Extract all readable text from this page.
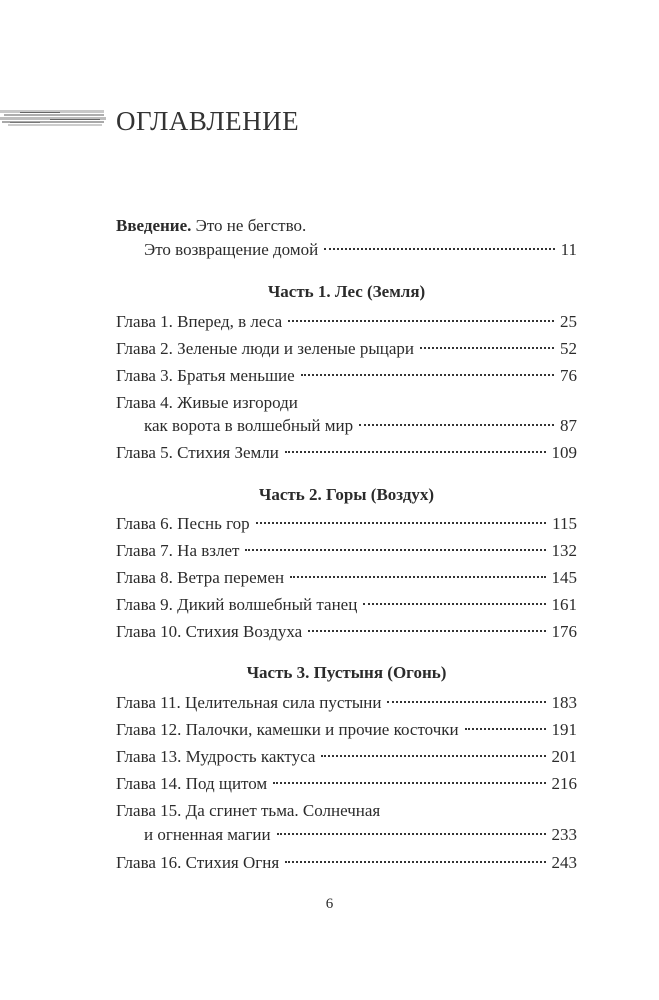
ОГЛАВЛЕНИЕ
Введение.
Это не бегство.
Это возвращение домой	11
Часть 1. Лес (Земля)
Глава 1. Вперед, в леса	25
Глава 2. Зеленые люди и зеленые рыцари	52
Глава 3. Братья меньшие	76
Глава 4. Живые изгороди
как ворота в волшебный мир	87
Глава 5. Стихия Земли	109
Часть 2. Горы (Воздух)
Глава 6. Песнь гор	115
Глава 7. На взлет	132
Глава 8. Ветра перемен	145
Глава 9. Дикий волшебный танец	161
Глава 10. Стихия Воздуха	176
Часть 3. Пустыня (Огонь)
Глава 11. Целительная сила пустыни	183
Глава 12. Палочки, камешки и прочие косточки	191
Глава 13. Мудрость кактуса	201
Глава 14. Под щитом	216
Глава 15. Да сгинет тьма. Солнечная
и огненная магии	233
Глава 16. Стихия Огня	243
6
